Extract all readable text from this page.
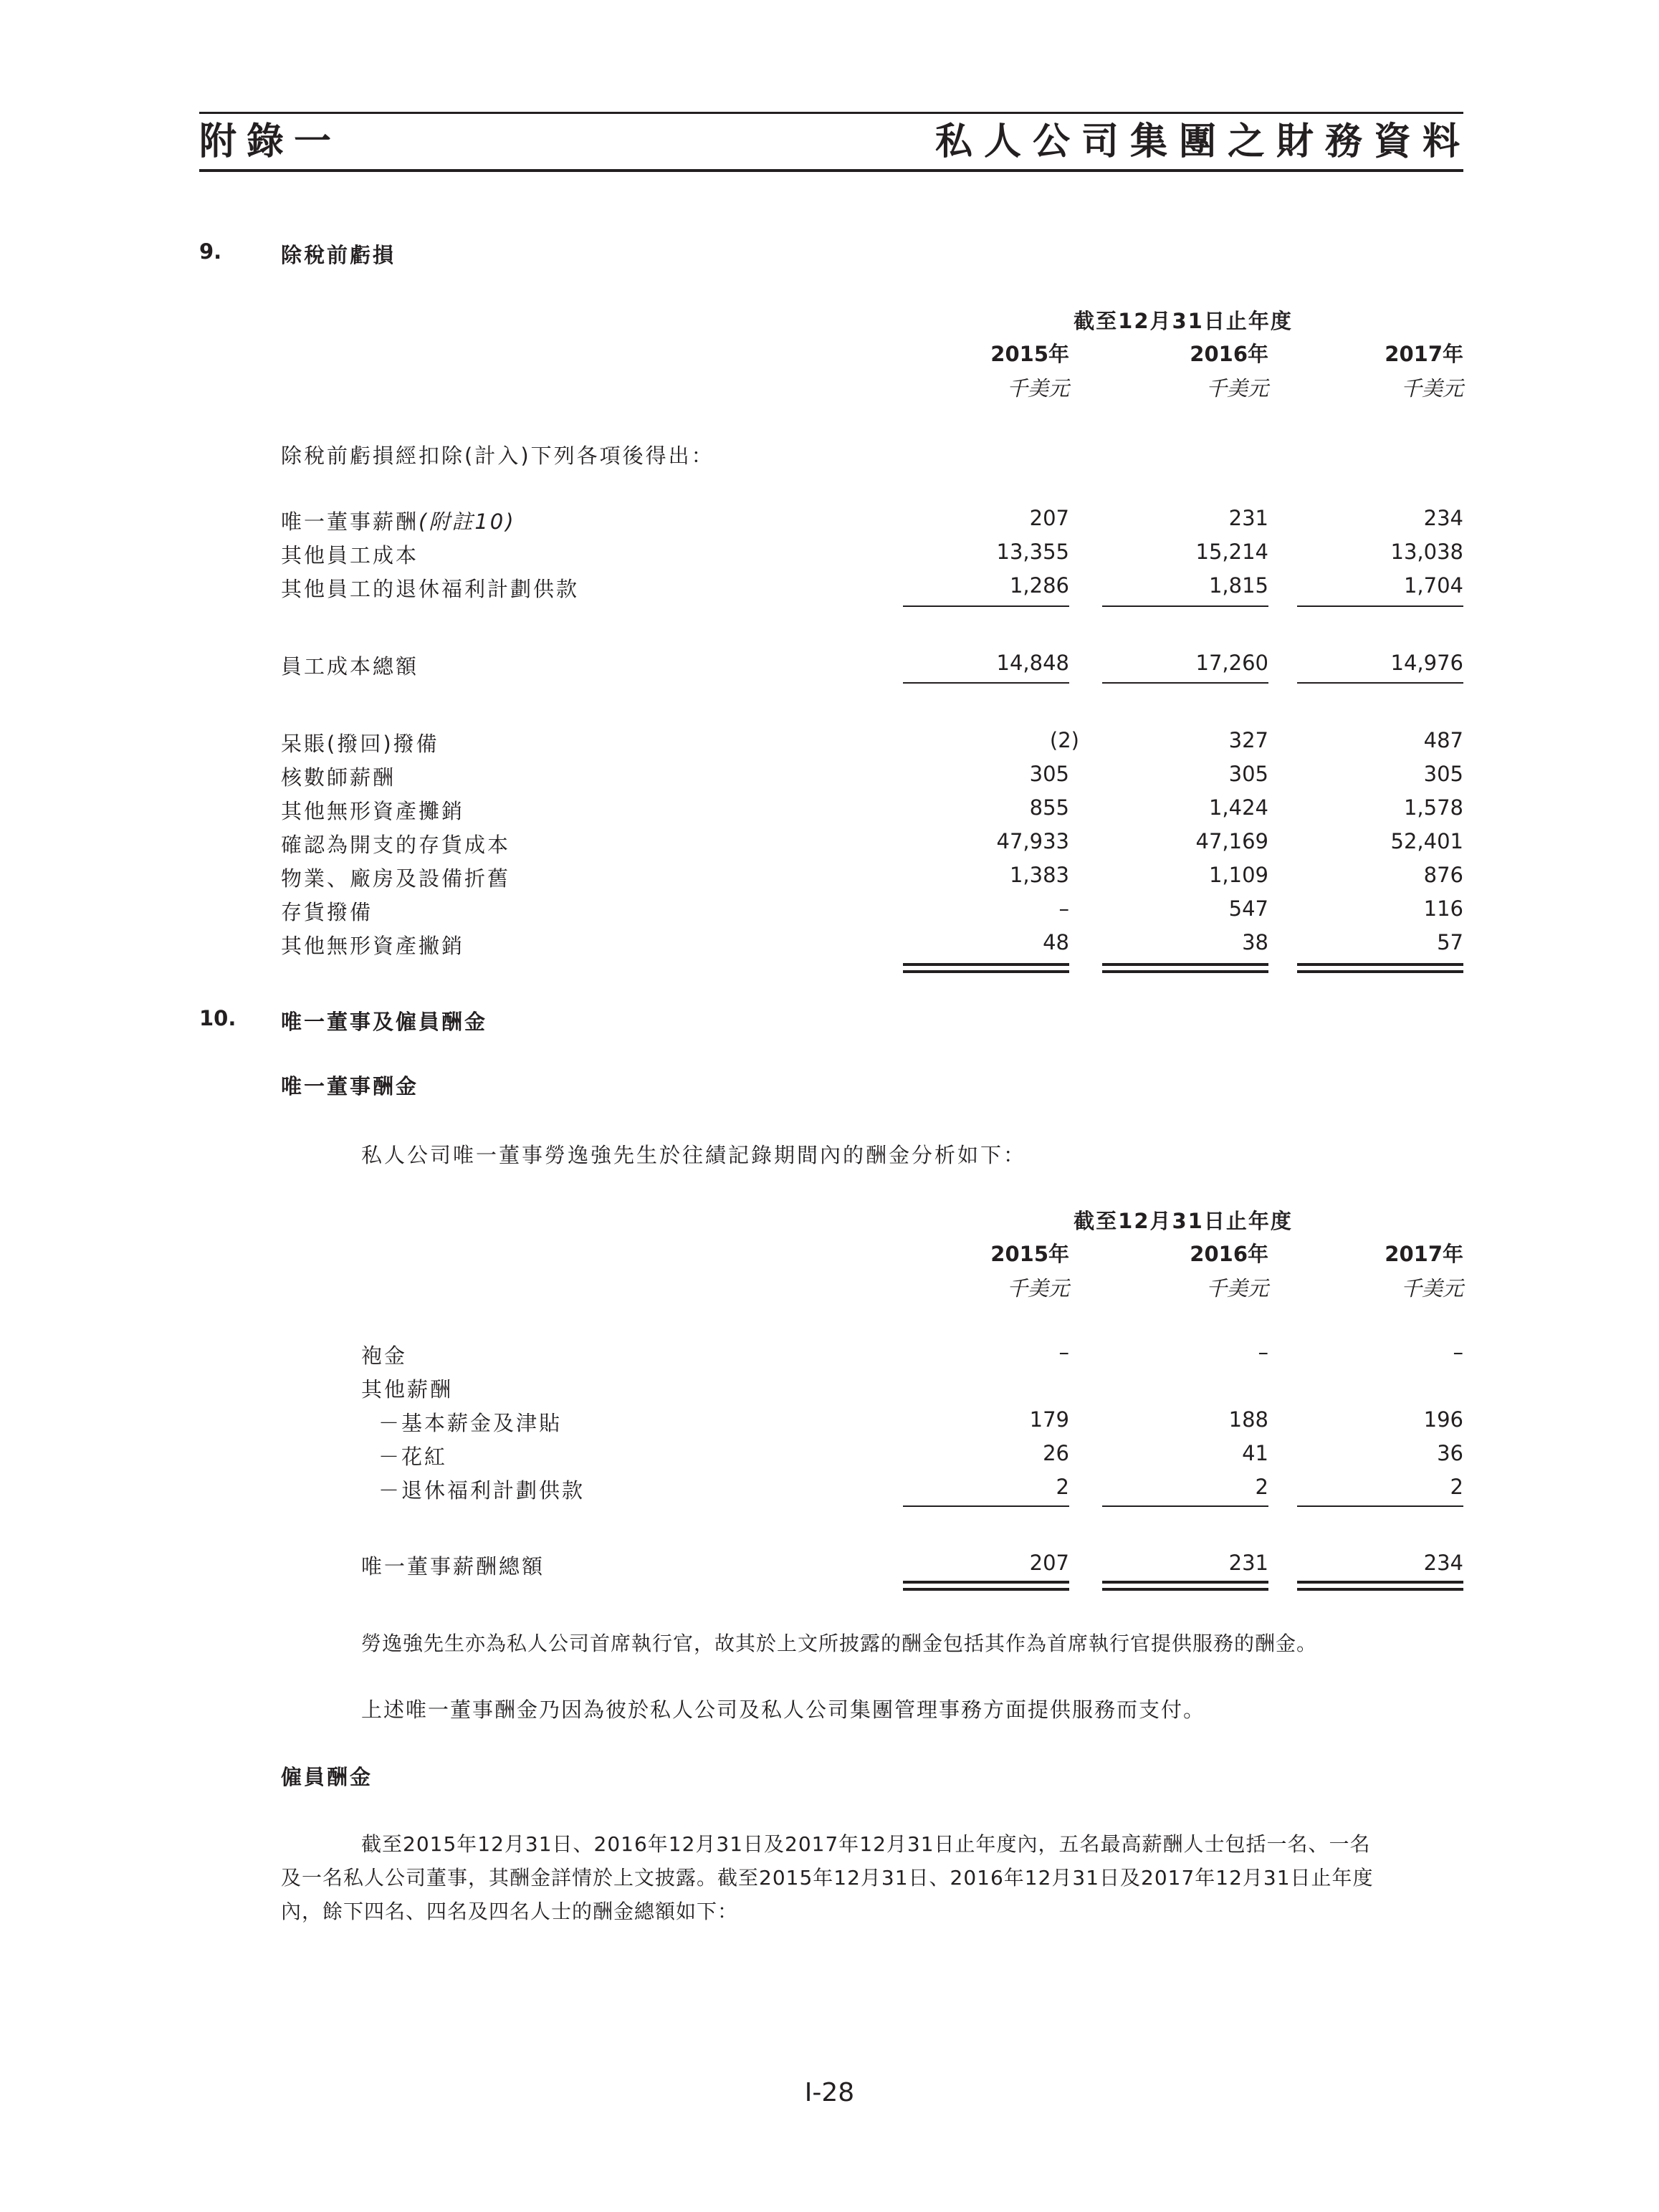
附錄一	私人公司集團之財務資料
9.	除稅前虧損
截至12月31日止年度
2015年	2016年	2017年
千美元	千美元	千美元
除稅前虧損經扣除(計入)下列各項後得出：
唯一董事薪酬(附註10)	207	231	234
其他員工成本	13,355	15,214	13,038
其他員工的退休福利計劃供款	1,286	1,815	1,704
員工成本總額	14,848	17,260	14,976
呆賬(撥回)撥備	(2)	327	487
核數師薪酬	305	305	305
其他無形資產攤銷	855	1,424	1,578
確認為開支的存貨成本	47,933	47,169	52,401
物業、廠房及設備折舊	1,383	1,109	876
存貨撥備	–	547	116
其他無形資產撇銷	48	38	57
10. 唯一董事及僱員酬金
唯一董事酬金
私人公司唯一董事勞逸強先生於往績記錄期間內的酬金分析如下：
截至12月31日止年度
2015年	2016年	2017年
千美元	千美元	千美元
袍金	–	–	–
其他薪酬
－基本薪金及津貼	179	188	196
－花紅	26	41	36
－退休福利計劃供款	2	2	2
唯一董事薪酬總額	207	231	234
勞逸強先生亦為私人公司首席執行官，故其於上文所披露的酬金包括其作為首席執行官提供服務的酬金。
上述唯一董事酬金乃因為彼於私人公司及私人公司集團管理事務方面提供服務而支付。
僱員酬金
截至2015年12月31日、2016年12月31日及2017年12月31日止年度內，五名最高薪酬人士包括一名、一名
及一名私人公司董事，其酬金詳情於上文披露。截至2015年12月31日、2016年12月31日及2017年12月31日止年度
內，餘下四名、四名及四名人士的酬金總額如下：
I-28
